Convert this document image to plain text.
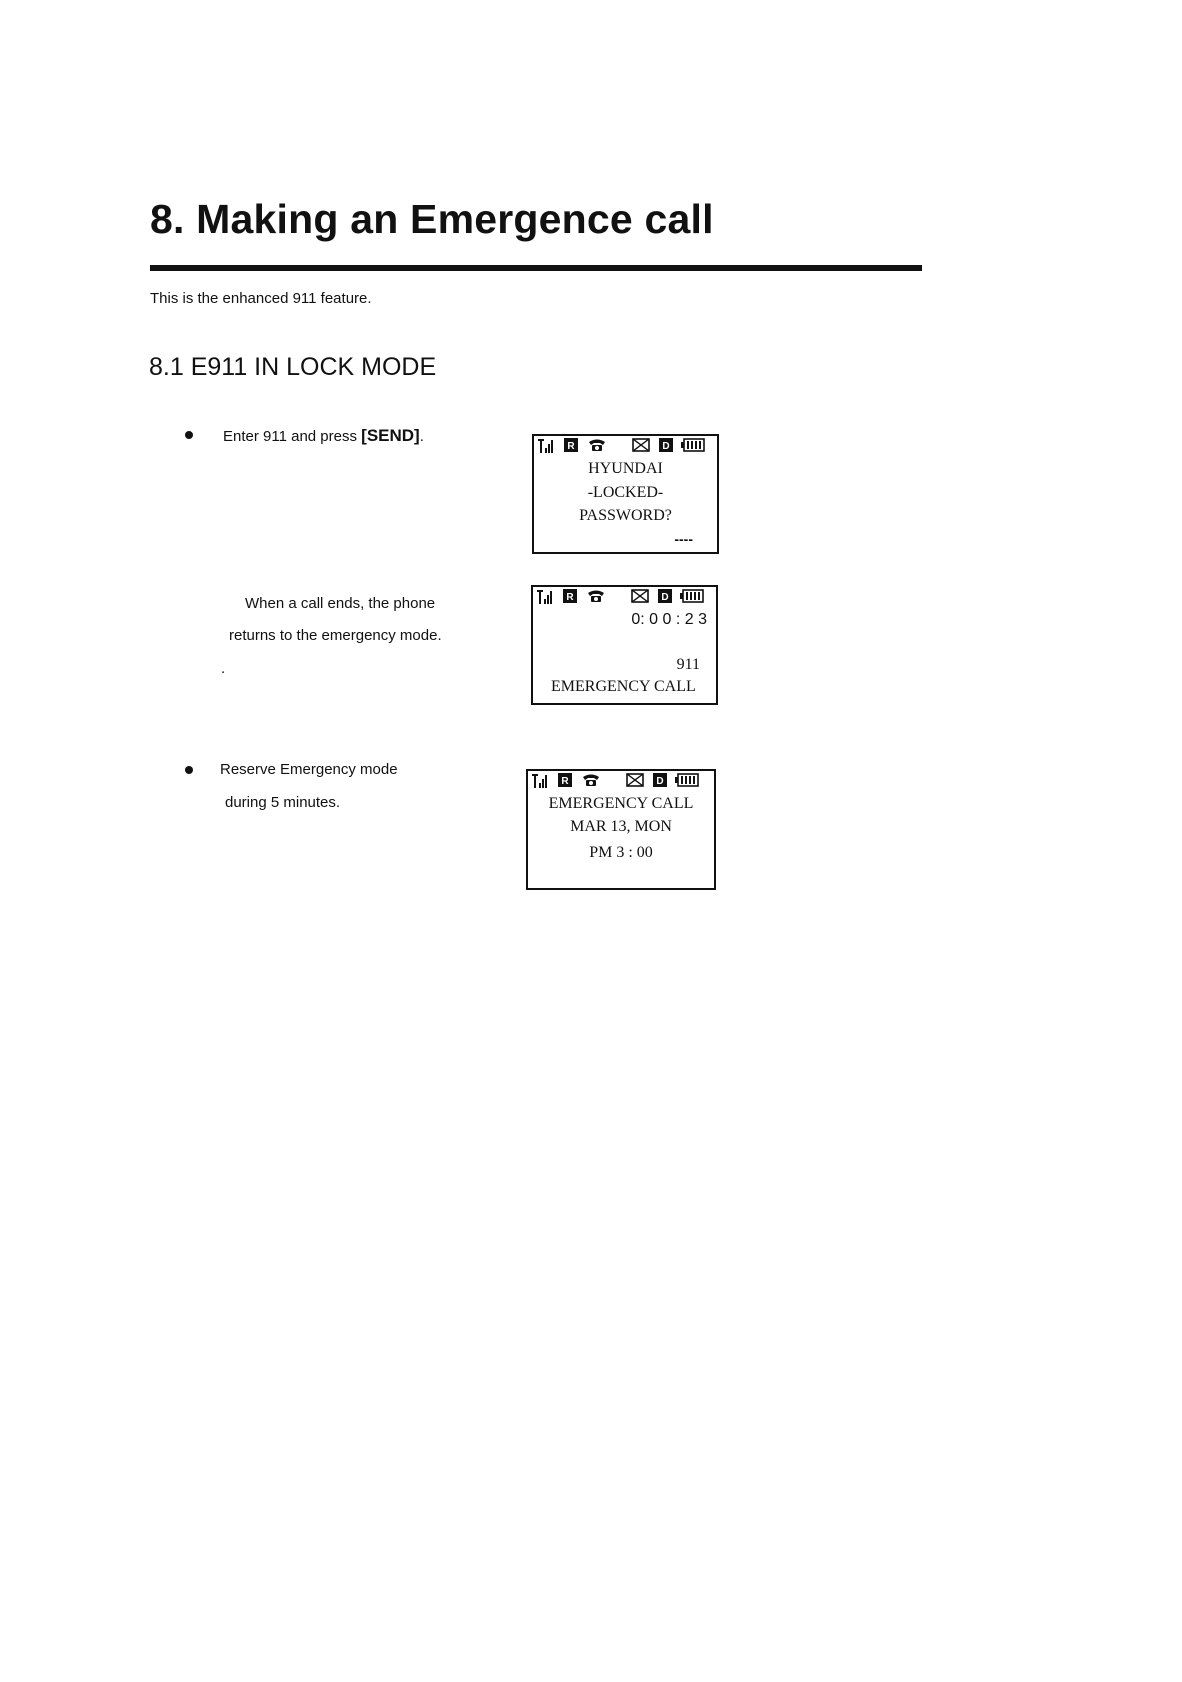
8. Making an Emergence call
This is the enhanced 911 feature.
8.1 E911 IN LOCK MODE
Enter 911 and press [SEND].
When a call ends, the phone
returns to the emergency mode.
.
Reserve Emergency mode
during 5 minutes.
R	D
HYUNDAI
-LOCKED-
PASSWORD?
----
R	D
0: 0 0 : 2 3
911
EMERGENCY CALL
R	D
EMERGENCY CALL
MAR 13, MON
PM 3 : 00
